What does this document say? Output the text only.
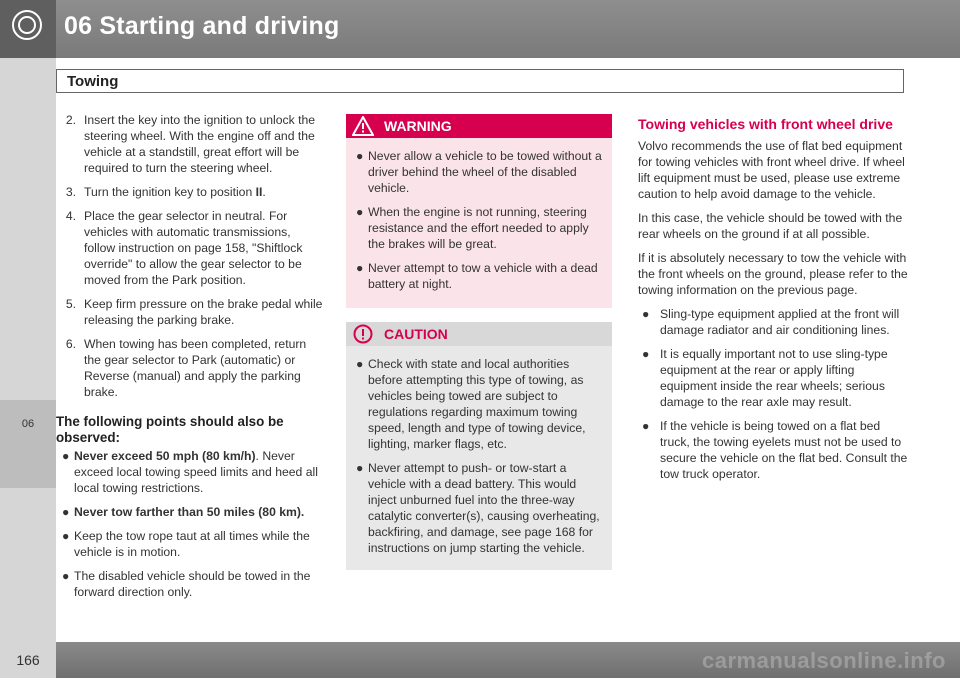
06 Starting and driving
06
Towing
2. Insert the key into the ignition to unlock the steering wheel. With the engine off and the vehicle at a standstill, great effort will be required to turn the steering wheel.
3. Turn the ignition key to position II.
4. Place the gear selector in neutral. For vehicles with automatic transmissions, follow instruction on page 158, "Shiftlock override" to allow the gear selector to be moved from the Park position.
5. Keep firm pressure on the brake pedal while releasing the parking brake.
6. When towing has been completed, return the gear selector to Park (automatic) or Reverse (manual) and apply the parking brake.
The following points should also be observed:
● Never exceed 50 mph (80 km/h). Never exceed local towing speed limits and heed all local towing restrictions.
● Never tow farther than 50 miles (80 km).
● Keep the tow rope taut at all times while the vehicle is in motion.
● The disabled vehicle should be towed in the forward direction only.
WARNING
● Never allow a vehicle to be towed without a driver behind the wheel of the disabled vehicle.
● When the engine is not running, steering resistance and the effort needed to apply the brakes will be great.
● Never attempt to tow a vehicle with a dead battery at night.
CAUTION
● Check with state and local authorities before attempting this type of towing, as vehicles being towed are subject to regulations regarding maximum towing speed, length and type of towing device, lighting, marker flags, etc.
● Never attempt to push- or tow-start a vehicle with a dead battery. This would inject unburned fuel into the three-way catalytic converter(s), causing overheating, backfiring, and damage, see page 168 for instructions on jump starting the vehicle.
Towing vehicles with front wheel drive
Volvo recommends the use of flat bed equipment for towing vehicles with front wheel drive. If wheel lift equipment must be used, please use extreme caution to help avoid damage to the vehicle.
In this case, the vehicle should be towed with the rear wheels on the ground if at all possible.
If it is absolutely necessary to tow the vehicle with the front wheels on the ground, please refer to the towing information on the previous page.
● Sling-type equipment applied at the front will damage radiator and air conditioning lines.
● It is equally important not to use sling-type equipment at the rear or apply lifting equipment inside the rear wheels; serious damage to the rear axle may result.
● If the vehicle is being towed on a flat bed truck, the towing eyelets must not be used to secure the vehicle on the flat bed. Consult the tow truck operator.
166	carmanualsonline.info
